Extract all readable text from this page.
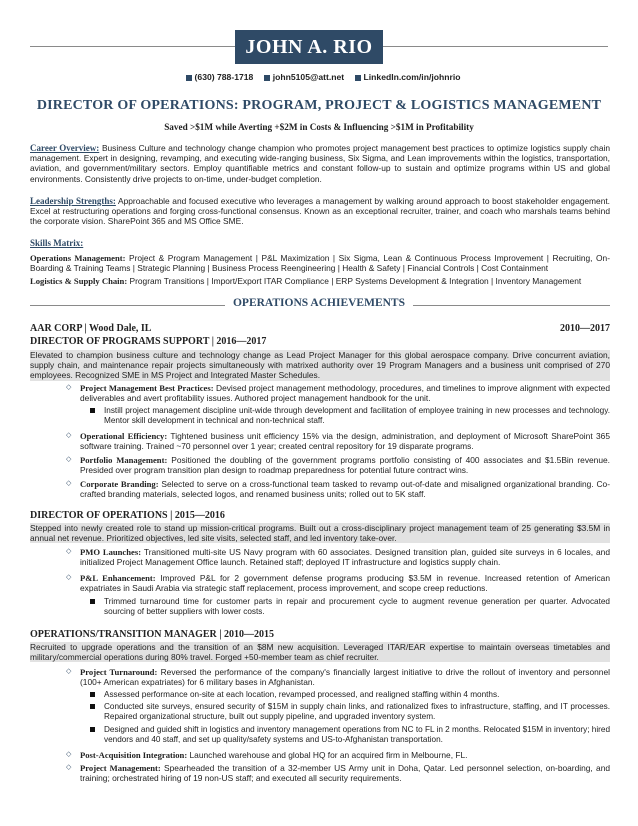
JOHN A. RIO
(630) 788-1718 john5105@att.net LinkedIn.com/in/johnrio
DIRECTOR OF OPERATIONS: PROGRAM, PROJECT & LOGISTICS MANAGEMENT
Saved >$1M while Averting +$2M in Costs & Influencing >$1M in Profitability
Career Overview: Business Culture and technology change champion who promotes project management best practices to optimize logistics supply chain management. Expert in designing, revamping, and executing wide-ranging business, Six Sigma, and Lean improvements within the logistics, transportation, aviation, and government/military sectors. Employ quantifiable metrics and constant follow-up to sustain and optimize programs within US and global environments. Consistently drive projects to on-time, under-budget completion.
Leadership Strengths: Approachable and focused executive who leverages a management by walking around approach to boost stakeholder engagement. Excel at restructuring operations and forging cross-functional consensus. Known as an exceptional recruiter, trainer, and coach who marshals teams behind the corporate vision. SharePoint 365 and MS Office SME.
Skills Matrix:
Operations Management: Project & Program Management | P&L Maximization | Six Sigma, Lean & Continuous Process Improvement | Recruiting, On-Boarding & Training Teams | Strategic Planning | Business Process Reengineering | Health & Safety | Financial Controls | Cost Containment
Logistics & Supply Chain: Program Transitions | Import/Export ITAR Compliance | ERP Systems Development & Integration | Inventory Management
OPERATIONS ACHIEVEMENTS
AAR CORP | Wood Dale, IL	2010—2017
DIRECTOR OF PROGRAMS SUPPORT | 2016—2017
Elevated to champion business culture and technology change as Lead Project Manager for this global aerospace company. Drive concurrent aviation, supply chain, and maintenance repair projects simultaneously with matrixed authority over 19 Program Managers and a business unit comprised of 270 employees. Recognized SME in MS Project and Integrated Master Schedules.
◇ Project Management Best Practices: Devised project management methodology, procedures, and timelines to improve alignment with expected deliverables and avert profitability issues. Authored project management handbook for the unit.
Instill project management discipline unit-wide through development and facilitation of employee training in new processes and technology. Mentor skill development in technical and non-technical staff.
◇ Operational Efficiency: Tightened business unit efficiency 15% via the design, administration, and deployment of Microsoft SharePoint 365 software training. Trained ~70 personnel over 1 year; created central repository for 19 disparate programs.
◇ Portfolio Management: Positioned the doubling of the government programs portfolio consisting of 400 associates and $1.5Bin revenue. Presided over program transition plan design to roadmap preparedness for potential future contract wins.
◇ Corporate Branding: Selected to serve on a cross-functional team tasked to revamp out-of-date and misaligned organizational branding. Co-crafted branding materials, selected logos, and renamed business units; rolled out to 5K staff.
DIRECTOR OF OPERATIONS | 2015—2016
Stepped into newly created role to stand up mission-critical programs. Built out a cross-disciplinary project management team of 25 generating $3.5M in annual net revenue. Prioritized objectives, led site visits, selected staff, and led inventory take-over.
◇ PMO Launches: Transitioned multi-site US Navy program with 60 associates. Designed transition plan, guided site surveys in 6 locales, and initialized Project Management Office launch. Retained staff; deployed IT infrastructure and logistics supply chain.
◇ P&L Enhancement: Improved P&L for 2 government defense programs producing $3.5M in revenue. Increased retention of American expatriates in Saudi Arabia via strategic staff replacement, process improvement, and scope creep reductions.
Trimmed turnaround time for customer parts in repair and procurement cycle to augment revenue generation per quarter. Advocated sourcing of better suppliers with lower costs.
OPERATIONS/TRANSITION MANAGER | 2010—2015
Recruited to upgrade operations and the transition of an $8M new acquisition. Leveraged ITAR/EAR expertise to maintain overseas timetables and military/commercial operations during 80% travel. Forged +50-member team as chief recruiter.
◇ Project Turnaround: Reversed the performance of the company's financially largest initiative to drive the rollout of inventory and personnel (100+ American expatriates) for 6 military bases in Afghanistan.
Assessed performance on-site at each location, revamped processed, and realigned staffing within 4 months.
Conducted site surveys, ensured security of $15M in supply chain links, and rationalized fixes to infrastructure, staffing, and IT processes. Repaired organizational structure, built out supply pipeline, and upgraded inventory system.
Designed and guided shift in logistics and inventory management operations from NC to FL in 2 months. Relocated $15M in inventory; hired vendors and 40 staff, and set up quality/safety systems and US-to-Afghanistan transportation.
◇ Post-Acquisition Integration: Launched warehouse and global HQ for an acquired firm in Melbourne, FL.
◇ Project Management: Spearheaded the transition of a 32-member US Army unit in Doha, Qatar. Led personnel selection, on-boarding, and training; orchestrated hiring of 19 non-US staff; and executed all security requirements.
